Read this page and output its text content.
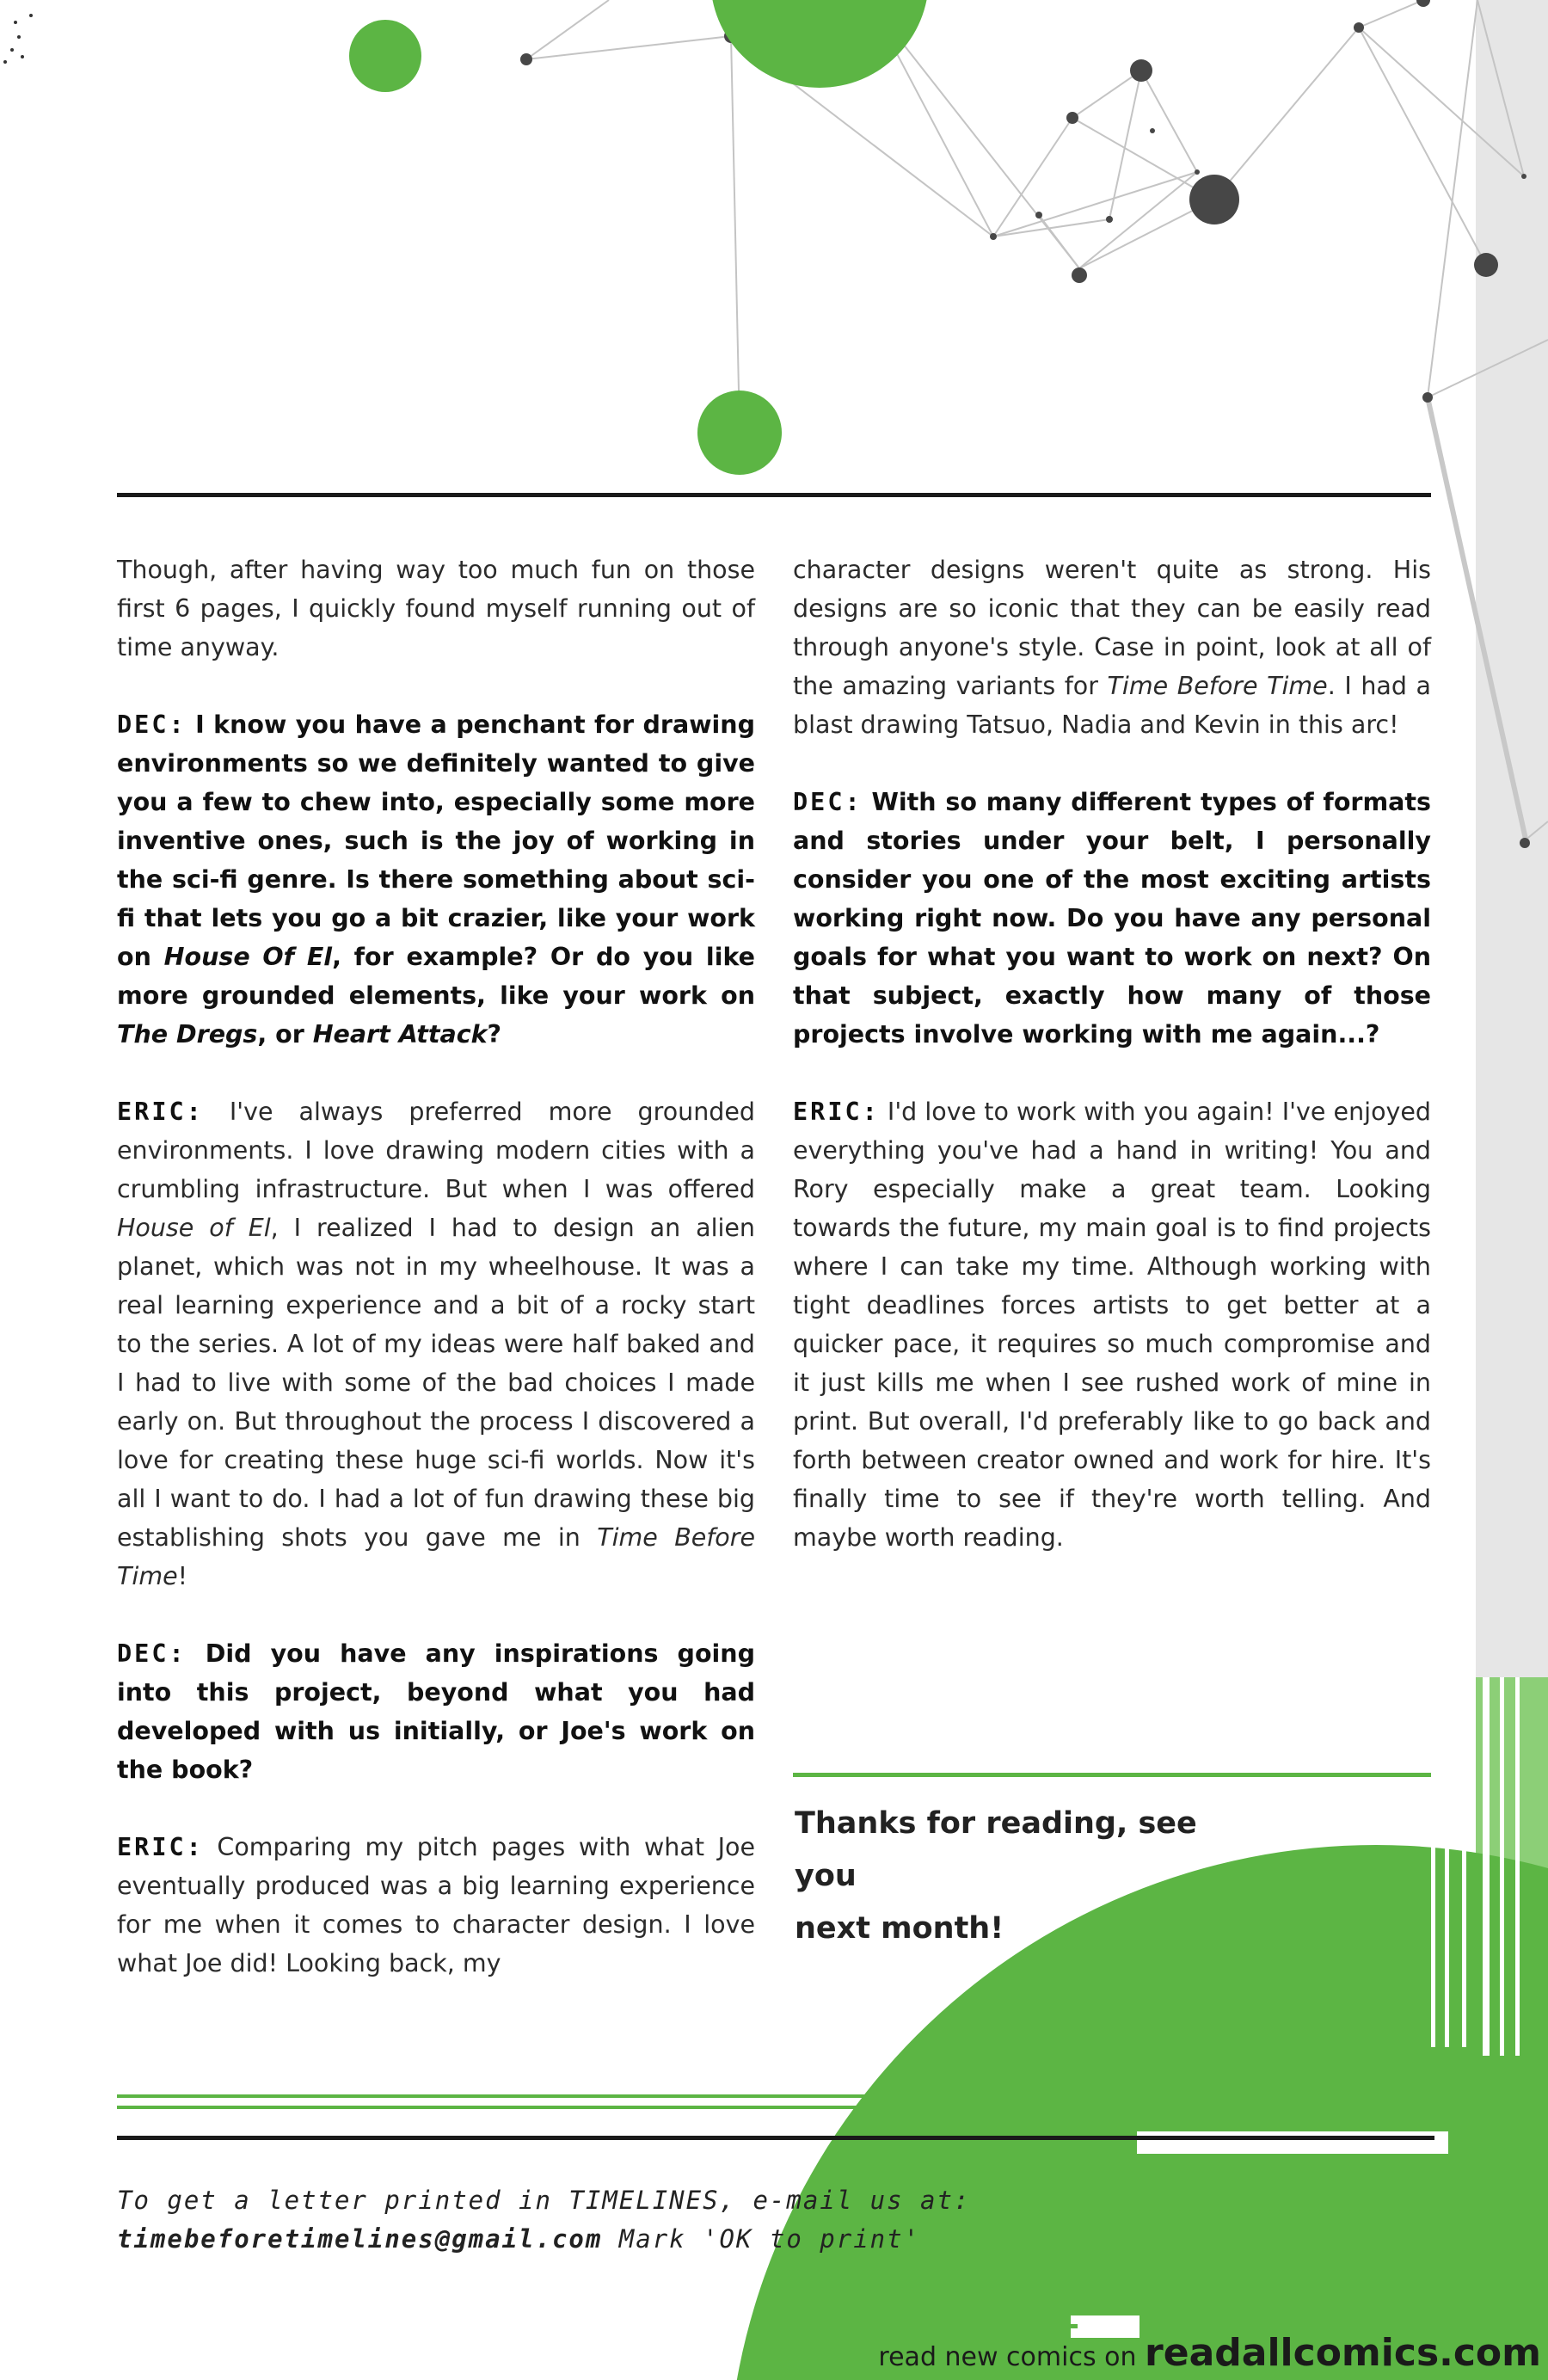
Though, after having way too much fun on those first 6 pages, I quickly found myself running out of time anyway.

DEC: I know you have a penchant for drawing environments so we definitely wanted to give you a few to chew into, especially some more inventive ones, such is the joy of working in the sci-fi genre. Is there something about sci-fi that lets you go a bit crazier, like your work on House Of El, for example? Or do you like more grounded elements, like your work on The Dregs, or Heart Attack?

ERIC: I've always preferred more grounded environments. I love drawing modern cities with a crumbling infrastructure. But when I was offered House of El, I realized I had to design an alien planet, which was not in my wheelhouse. It was a real learning experience and a bit of a rocky start to the series. A lot of my ideas were half baked and I had to live with some of the bad choices I made early on. But throughout the process I discovered a love for creating these huge sci-fi worlds. Now it's all I want to do. I had a lot of fun drawing these big establishing shots you gave me in Time Before Time!

DEC: Did you have any inspirations going into this project, beyond what you had developed with us initially, or Joe's work on the book?

ERIC: Comparing my pitch pages with what Joe eventually produced was a big learning experience for me when it comes to character design. I love what Joe did! Looking back, my

character designs weren't quite as strong. His designs are so iconic that they can be easily read through anyone's style. Case in point, look at all of the amazing variants for Time Before Time. I had a blast drawing Tatsuo, Nadia and Kevin in this arc!

DEC: With so many different types of formats and stories under your belt, I personally consider you one of the most exciting artists working right now. Do you have any personal goals for what you want to work on next? On that subject, exactly how many of those projects involve working with me again...?

ERIC: I'd love to work with you again! I've enjoyed everything you've had a hand in writing! You and Rory especially make a great team. Looking towards the future, my main goal is to find projects where I can take my time. Although working with tight deadlines forces artists to get better at a quicker pace, it requires so much compromise and it just kills me when I see rushed work of mine in print. But overall, I'd preferably like to go back and forth between creator owned and work for hire. It's finally time to see if they're worth telling. And maybe worth reading.

Thanks for reading, see you
next month!
To get a letter printed in TIMELINES, e-mail us at:
timebeforetimelines@gmail.com Mark 'OK to print'
read new comics on readallcomics.com
